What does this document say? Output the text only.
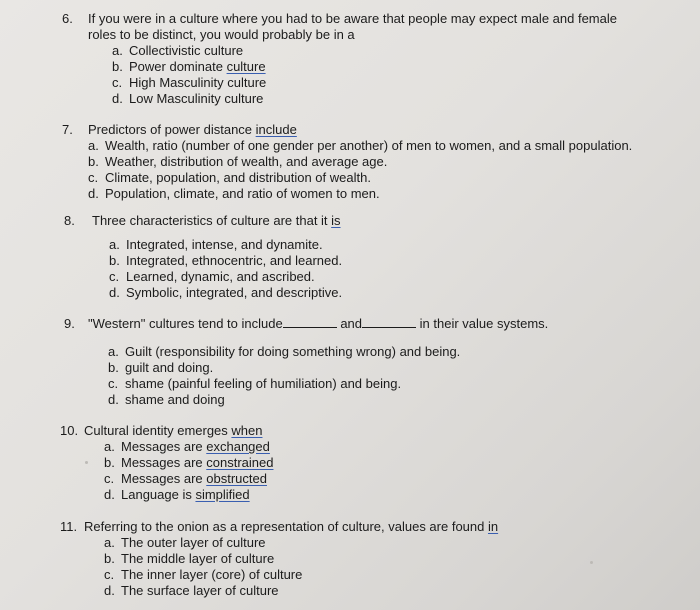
6. If you were in a culture where you had to be aware that people may expect male and female
roles to be distinct, you would probably be in a
a. Collectivistic culture
b. Power dominate culture
c. High Masculinity culture
d. Low Masculinity culture
7. Predictors of power distance include
a. Wealth, ratio (number of one gender per another) of men to women, and a small population.
b. Weather, distribution of wealth, and average age.
c. Climate, population, and distribution of wealth.
d. Population, climate, and ratio of women to men.
8. Three characteristics of culture are that it is
a. Integrated, intense, and dynamite.
b. Integrated, ethnocentric, and learned.
c. Learned, dynamic, and ascribed.
d. Symbolic, integrated, and descriptive.
9. "Western" cultures tend to include	and	in their value systems.
a. Guilt (responsibility for doing something wrong) and being.
b. guilt and doing.
c. shame (painful feeling of humiliation) and being.
d. shame and doing
10. Cultural identity emerges when
a. Messages are exchanged
b. Messages are constrained
c. Messages are obstructed
d. Language is simplified
11. Referring to the onion as a representation of culture, values are found in
a. The outer layer of culture
b. The middle layer of culture
c. The inner layer (core) of culture
d. The surface layer of culture
